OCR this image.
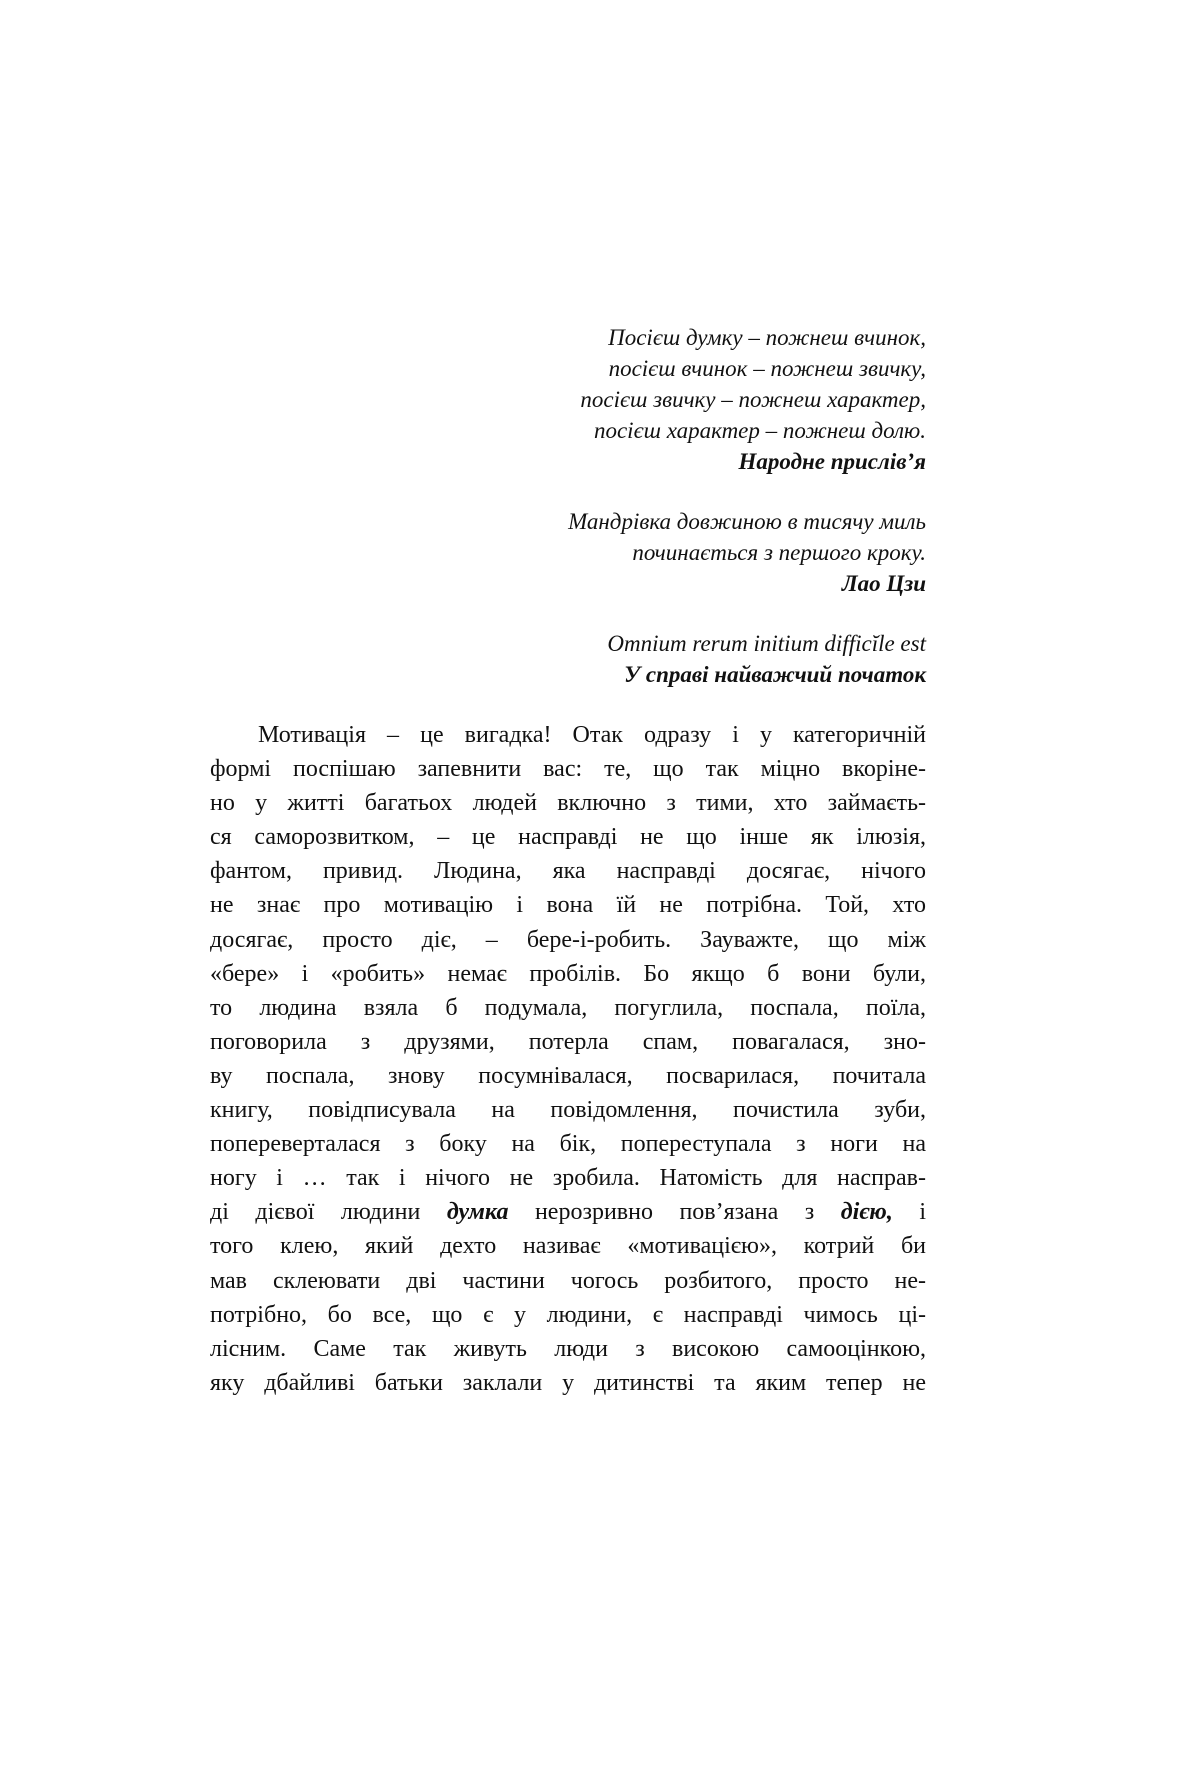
Посієш думку – пожнеш вчинок,
посієш вчинок – пожнеш звичку,
посієш звичку – пожнеш характер,
посієш характер – пожнеш долю.
Народне прислів’я
Мандрівка довжиною в тисячу миль
починається з першого кроку.
Лао Цзи
Omnium rerum initium difficĭle est
У справі найважчий початок
Мотивація – це вигадка! Отак одразу і у категоричній
формі поспішаю запевнити вас: те, що так міцно вкоріне-
но у житті багатьох людей включно з тими, хто займаєть-
ся саморозвитком, – це насправді не що інше як ілюзія,
фантом, привид. Людина, яка насправді досягає, нічого
не знає про мотивацію і вона їй не потрібна. Той, хто
досягає, просто діє, – бере-і-робить. Зауважте, що між
«бере» і «робить» немає пробілів. Бо якщо б вони були,
то людина взяла б подумала, погуглила, поспала, поїла,
поговорила з друзями, потерла спам, повагалася, зно-
ву поспала, знову посумнівалася, посварилася, почитала
книгу, повідписувала на повідомлення, почистила зуби,
попереверталася з боку на бік, попереступала з ноги на
ногу і … так і нічого не зробила. Натомість для насправ-
ді дієвої людини думка нерозривно пов’язана з дією, і
того клею, який дехто називає «мотивацією», котрий би
мав склеювати дві частини чогось розбитого, просто не-
потрібно, бо все, що є у людини, є насправді чимось ці-
лісним. Саме так живуть люди з високою самооцінкою,
яку дбайливі батьки заклали у дитинстві та яким тепер не
